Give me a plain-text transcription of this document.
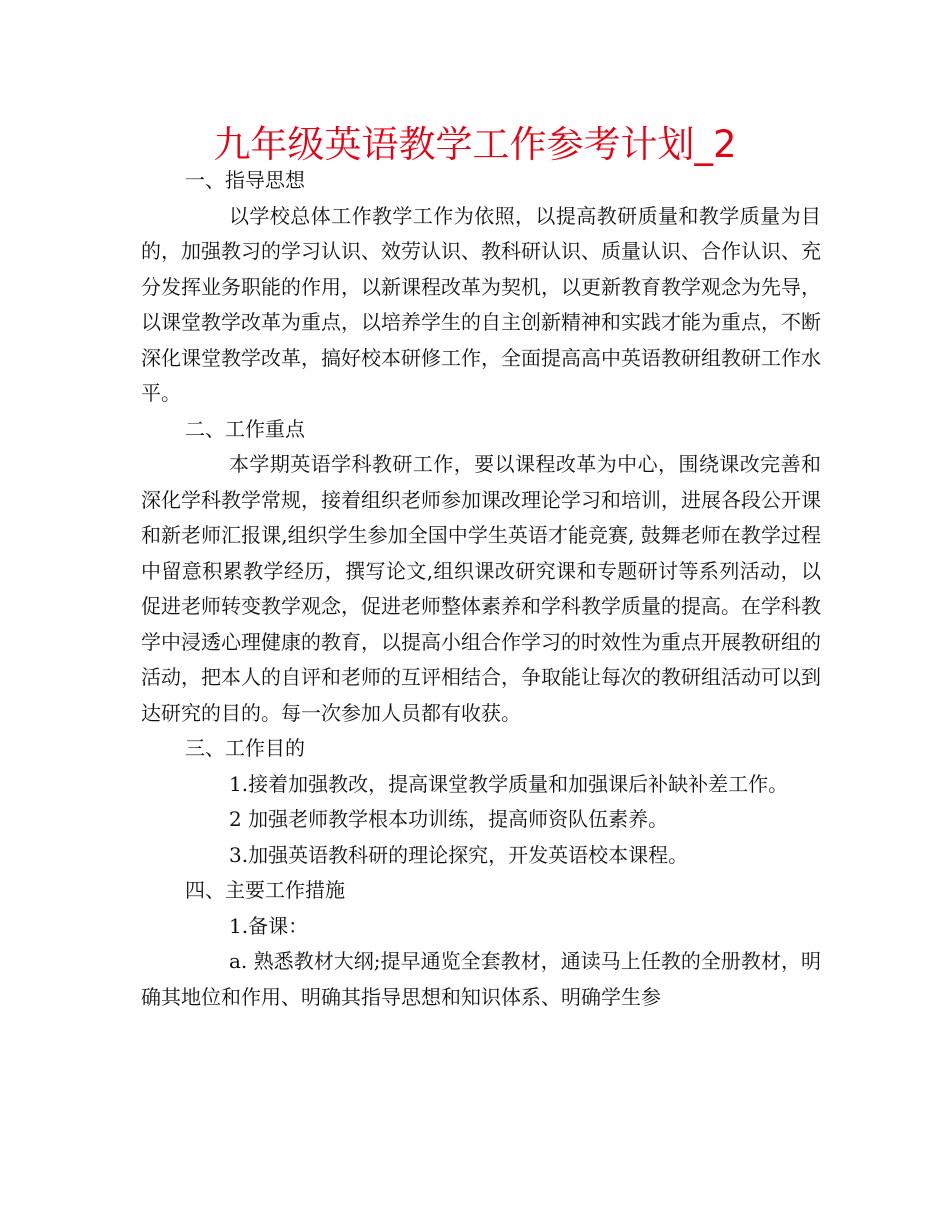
九年级英语教学工作参考计划_2

一、指导思想

以学校总体工作教学工作为依照，以提高教研质量和教学质量为目的，加强教习的学习认识、效劳认识、教科研认识、质量认识、合作认识、充分发挥业务职能的作用，以新课程改革为契机，以更新教育教学观念为先导，以课堂教学改革为重点，以培养学生的自主创新精神和实践才能为重点，不断深化课堂教学改革，搞好校本研修工作，全面提高高中英语教研组教研工作水平。

二、工作重点

本学期英语学科教研工作，要以课程改革为中心，围绕课改完善和深化学科教学常规，接着组织老师参加课改理论学习和培训，进展各段公开课和新老师汇报课,组织学生参加全国中学生英语才能竞赛, 鼓舞老师在教学过程中留意积累教学经历，撰写论文,组织课改研究课和专题研讨等系列活动，以促进老师转变教学观念，促进老师整体素养和学科教学质量的提高。在学科教学中浸透心理健康的教育，以提高小组合作学习的时效性为重点开展教研组的活动，把本人的自评和老师的互评相结合，争取能让每次的教研组活动可以到达研究的目的。每一次参加人员都有收获。

三、工作目的

1.接着加强教改，提高课堂教学质量和加强课后补缺补差工作。

2 加强老师教学根本功训练，提高师资队伍素养。

3.加强英语教科研的理论探究，开发英语校本课程。

四、主要工作措施

1.备课：

a. 熟悉教材大纲;提早通览全套教材，通读马上任教的全册教材，明确其地位和作用、明确其指导思想和知识体系、明确学生参
